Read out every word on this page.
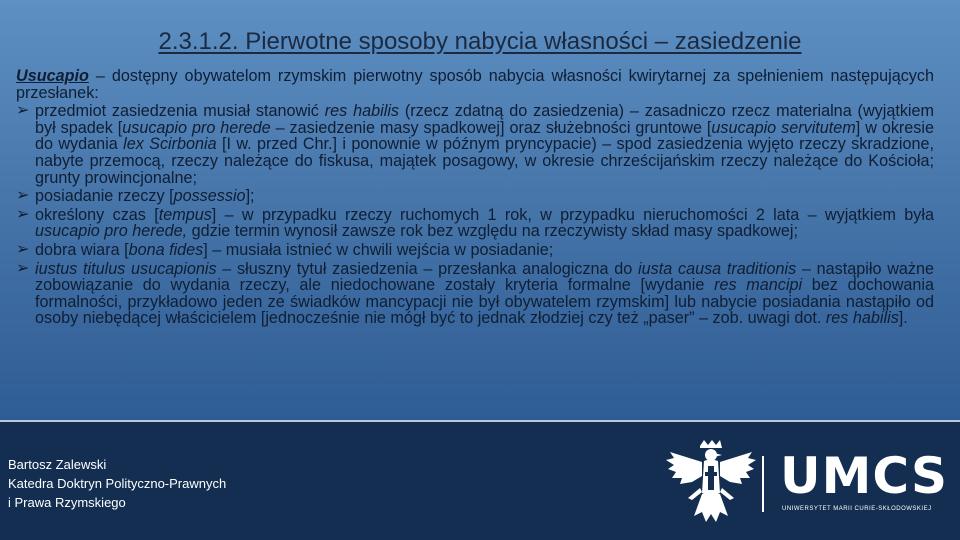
2.3.1.2. Pierwotne sposoby nabycia własności – zasiedzenie

Usucapio – dostępny obywatelom rzymskim pierwotny sposób nabycia własności kwirytarnej za spełnieniem następujących przesłanek:

➢ przedmiot zasiedzenia musiał stanowić res habilis (rzecz zdatną do zasiedzenia) – zasadniczo rzecz materialna (wyjątkiem był spadek [usucapio pro herede – zasiedzenie masy spadkowej] oraz służebności gruntowe [usucapio servitutem] w okresie do wydania lex Scirbonia [I w. przed Chr.] i ponownie w późnym pryncypacie) – spod zasiedzenia wyjęto rzeczy skradzione, nabyte przemocą, rzeczy należące do fiskusa, majątek posagowy, w okresie chrześcijańskim rzeczy należące do Kościoła; grunty prowincjonalne;

➢ posiadanie rzeczy [possessio];

➢ określony czas [tempus] – w przypadku rzeczy ruchomych 1 rok, w przypadku nieruchomości 2 lata – wyjątkiem była usucapio pro herede, gdzie termin wynosił zawsze rok bez względu na rzeczywisty skład masy spadkowej;

➢ dobra wiara [bona fides] – musiała istnieć w chwili wejścia w posiadanie;

➢ iustus titulus usucapionis – słuszny tytuł zasiedzenia – przesłanka analogiczna do iusta causa traditionis – nastąpiło ważne zobowiązanie do wydania rzeczy, ale niedochowane zostały kryteria formalne [wydanie res mancipi bez dochowania formalności, przykładowo jeden ze świadków mancypacji nie był obywatelem rzymskim] lub nabycie posiadania nastąpiło od osoby niebędącej właścicielem [jednocześnie nie mógł być to jednak złodziej czy też „paser” – zob. uwagi dot. res habilis].

Bartosz Zalewski
Katedra Doktryn Polityczno-Prawnych
i Prawa Rzymskiego	UMCS
UNIWERSYTET MARII CURIE-SKŁODOWSKIEJ
